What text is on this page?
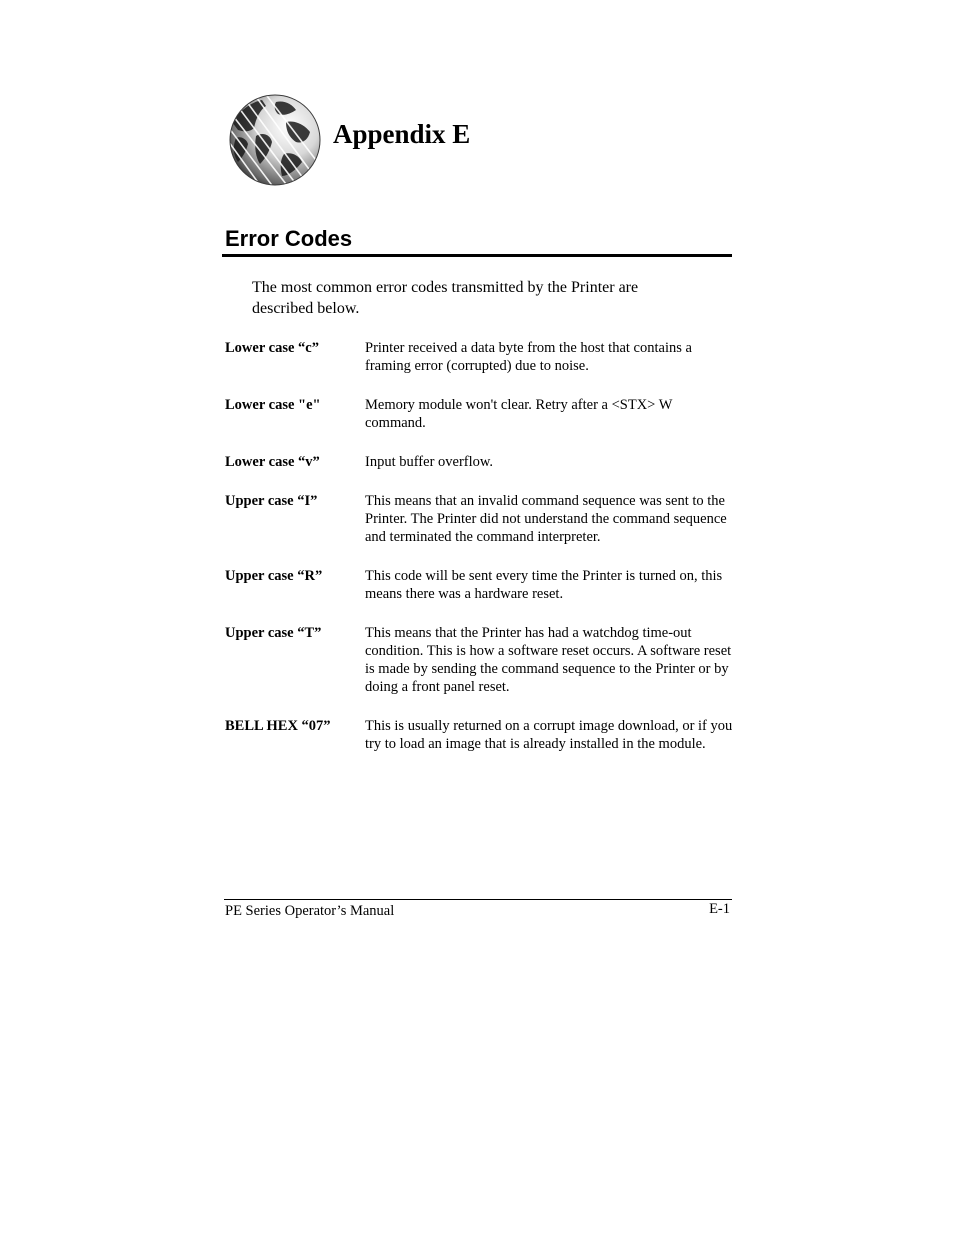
Appendix E
Error Codes

The most common error codes transmitted by the Printer are described below.

Lower case “c”	Printer received a data byte from the host that contains a framing error (corrupted) due to noise.
Lower case "e"	Memory module won't clear. Retry after a <STX> W command.
Lower case “v”	Input buffer overflow.
Upper case “I”	This means that an invalid command sequence was sent to the Printer. The Printer did not understand the command sequence and terminated the command interpreter.
Upper case “R”	This code will be sent every time the Printer is turned on, this means there was a hardware reset.
Upper case “T”	This means that the Printer has had a watchdog time-out condition. This is how a software reset occurs. A software reset is made by sending the command sequence to the Printer or by doing a front panel reset.
BELL HEX “07”	This is usually returned on a corrupt image download, or if you try to load an image that is already installed in the module.
PE Series Operator’s Manual	E-1
